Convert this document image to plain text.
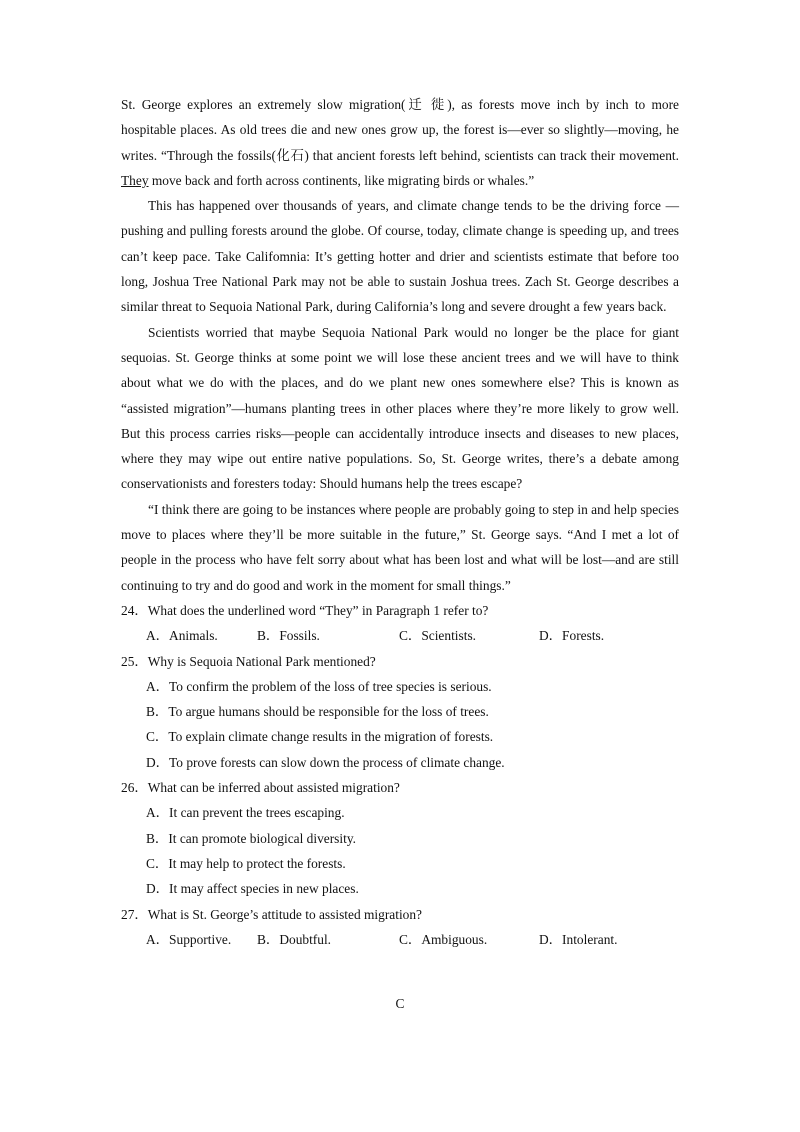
St. George explores an extremely slow migration(迁 徙), as forests move inch by inch to more hospitable places. As old trees die and new ones grow up, the forest is—ever so slightly—moving, he writes. “Through the fossils(化石) that ancient forests left behind, scientists can track their movement. They move back and forth across continents, like migrating birds or whales.”

This has happened over thousands of years, and climate change tends to be the driving force —pushing and pulling forests around the globe. Of course, today, climate change is speeding up, and trees can’t keep pace. Take Califomnia: It’s getting hotter and drier and scientists estimate that before too long, Joshua Tree National Park may not be able to sustain Joshua trees. Zach St. George describes a similar threat to Sequoia National Park, during California’s long and severe drought a few years back.

Scientists worried that maybe Sequoia National Park would no longer be the place for giant sequoias. St. George thinks at some point we will lose these ancient trees and we will have to think about what we do with the places, and do we plant new ones somewhere else? This is known as “assisted migration”—humans planting trees in other places where they’re more likely to grow well. But this process carries risks—people can accidentally introduce insects and diseases to new places, where they may wipe out entire native populations. So, St. George writes, there’s a debate among conservationists and foresters today: Should humans help the trees escape?

“I think there are going to be instances where people are probably going to step in and help species move to places where they’ll be more suitable in the future,” St. George says. “And I met a lot of people in the process who have felt sorry about what has been lost and what will be lost—and are still continuing to try and do good and work in the moment for small things.”

24．What does the underlined word “They” in Paragraph 1 refer to?

A．Animals.	B．Fossils.	C．Scientists.	D．Forests.

25．Why is Sequoia National Park mentioned?

A．To confirm the problem of the loss of tree species is serious.

B．To argue humans should be responsible for the loss of trees.

C．To explain climate change results in the migration of forests.

D．To prove forests can slow down the process of climate change.

26．What can be inferred about assisted migration?

A．It can prevent the trees escaping.

B．It can promote biological diversity.

C．It may help to protect the forests.

D．It may affect species in new places.

27．What is St. George’s attitude to assisted migration?

A．Supportive.	B．Doubtful.	C．Ambiguous.	D．Intolerant.
C
